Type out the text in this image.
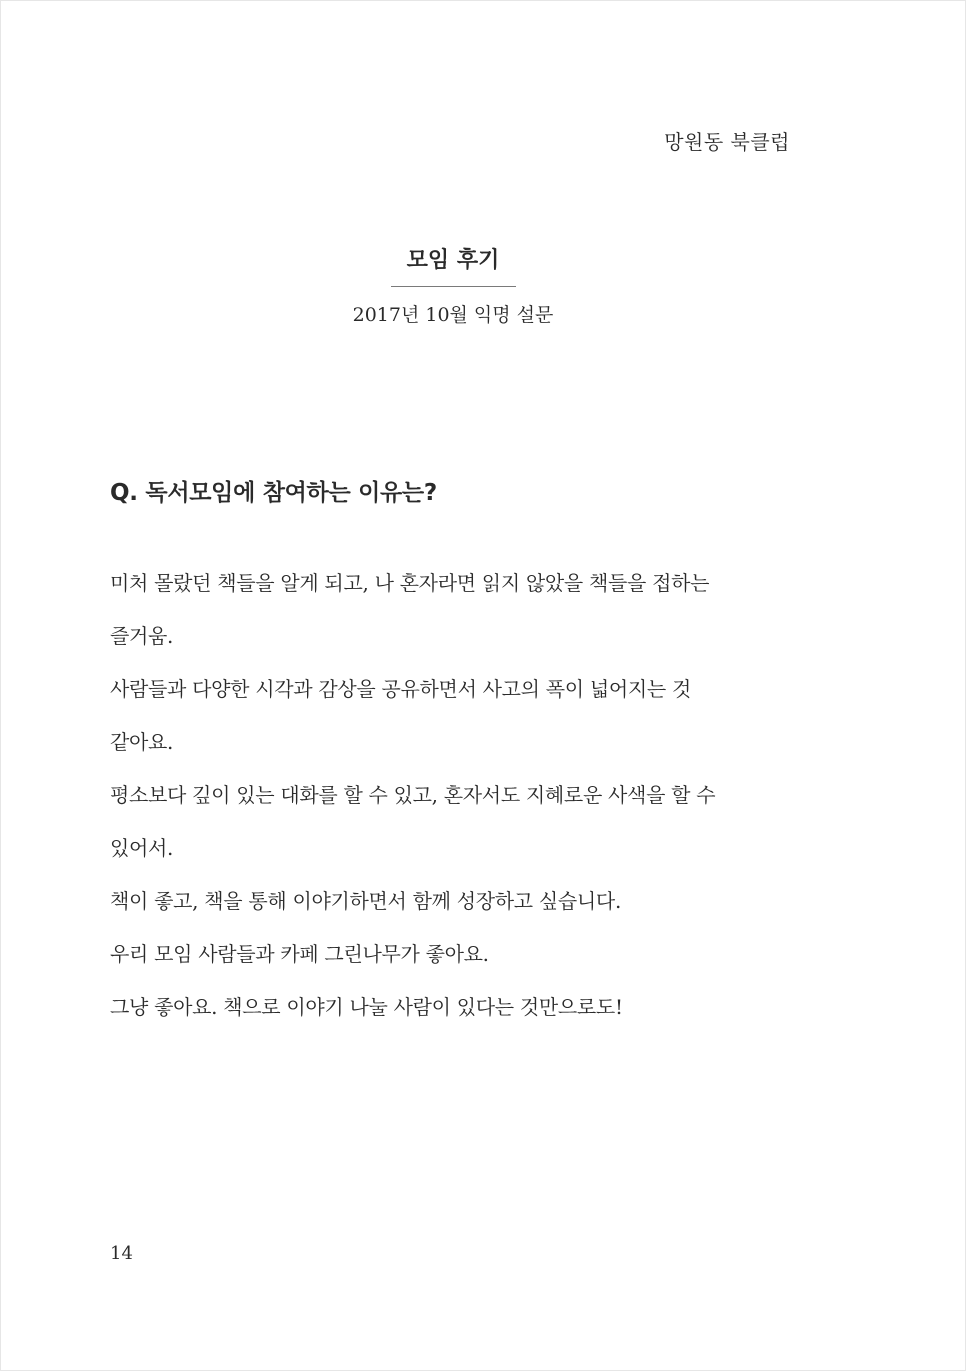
망원동 북클럽
모임 후기
2017년 10월 익명 설문
Q. 독서모임에 참여하는 이유는?
미처 몰랐던 책들을 알게 되고, 나 혼자라면 읽지 않았을 책들을 접하는
즐거움.
사람들과 다양한 시각과 감상을 공유하면서 사고의 폭이 넓어지는 것
같아요.
평소보다 깊이 있는 대화를 할 수 있고, 혼자서도 지혜로운 사색을 할 수
있어서.
책이 좋고, 책을 통해 이야기하면서 함께 성장하고 싶습니다.
우리 모임 사람들과 카페 그린나무가 좋아요.
그냥 좋아요. 책으로 이야기 나눌 사람이 있다는 것만으로도!
14
